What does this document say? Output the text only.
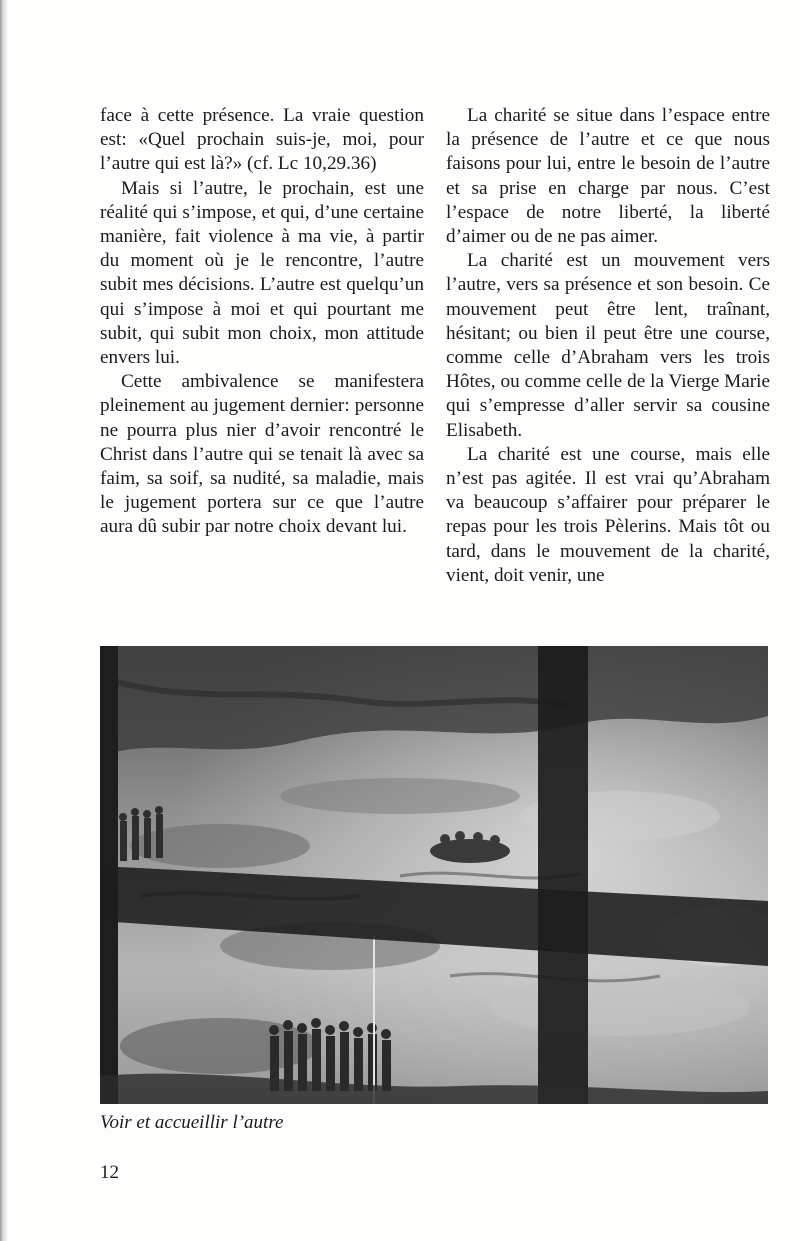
face à cette présence. La vraie question est: «Quel prochain suis-je, moi, pour l’autre qui est là?» (cf. Lc 10,29.36)

Mais si l’autre, le prochain, est une réalité qui s’impose, et qui, d’une certaine manière, fait violence à ma vie, à partir du moment où je le rencontre, l’autre subit mes décisions. L’autre est quelqu’un qui s’impose à moi et qui pourtant me subit, qui subit mon choix, mon attitude envers lui.

Cette ambivalence se manifestera pleinement au jugement dernier: personne ne pourra plus nier d’avoir rencontré le Christ dans l’autre qui se tenait là avec sa faim, sa soif, sa nudité, sa maladie, mais le jugement portera sur ce que l’autre aura dû subir par notre choix devant lui.

La charité se situe dans l’espace entre la présence de l’autre et ce que nous faisons pour lui, entre le besoin de l’autre et sa prise en charge par nous. C’est l’espace de notre liberté, la liberté d’aimer ou de ne pas aimer.

La charité est un mouvement vers l’autre, vers sa présence et son besoin. Ce mouvement peut être lent, traînant, hésitant; ou bien il peut être une course, comme celle d’Abraham vers les trois Hôtes, ou comme celle de la Vierge Marie qui s’empresse d’aller servir sa cousine Elisabeth.

La charité est une course, mais elle n’est pas agitée. Il est vrai qu’Abraham va beaucoup s’affairer pour préparer le repas pour les trois Pèlerins. Mais tôt ou tard, dans le mouvement de la charité, vient, doit venir, une

Voir et accueillir l’autre
12
